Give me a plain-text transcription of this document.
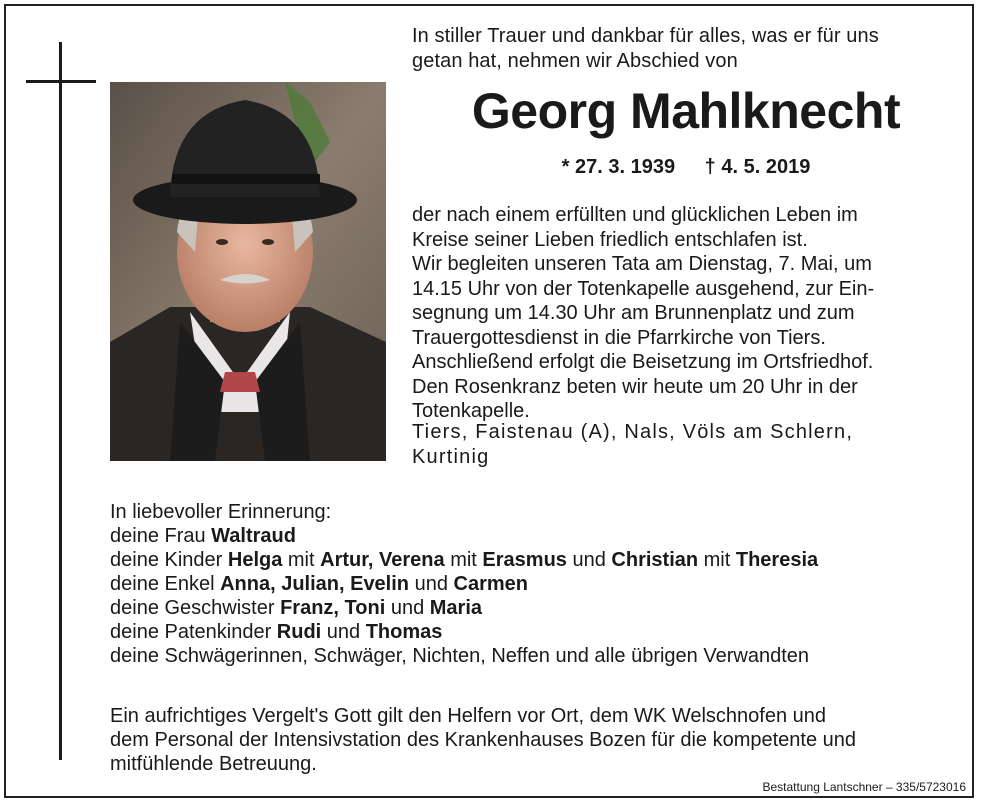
In stiller Trauer und dankbar für alles, was er für uns
getan hat, nehmen wir Abschied von
Georg Mahlknecht
* 27. 3. 1939 † 4. 5. 2019
der nach einem erfüllten und glücklichen Leben im
Kreise seiner Lieben friedlich entschlafen ist.
Wir begleiten unseren Tata am Dienstag, 7. Mai, um
14.15 Uhr von der Totenkapelle ausgehend, zur Ein-
segnung um 14.30 Uhr am Brunnenplatz und zum
Trauergottesdienst in die Pfarrkirche von Tiers.
Anschließend erfolgt die Beisetzung im Ortsfriedhof.
Den Rosenkranz beten wir heute um 20 Uhr in der
Totenkapelle.
Tiers, Faistenau (A), Nals, Völs am Schlern,
Kurtinig
In liebevoller Erinnerung:
deine Frau Waltraud
deine Kinder Helga mit Artur, Verena mit Erasmus und Christian mit Theresia
deine Enkel Anna, Julian, Evelin und Carmen
deine Geschwister Franz, Toni und Maria
deine Patenkinder Rudi und Thomas
deine Schwägerinnen, Schwäger, Nichten, Neffen und alle übrigen Verwandten
Ein aufrichtiges Vergelt's Gott gilt den Helfern vor Ort, dem WK Welschnofen und
dem Personal der Intensivstation des Krankenhauses Bozen für die kompetente und
mitfühlende Betreuung.
Bestattung Lantschner – 335/5723016
